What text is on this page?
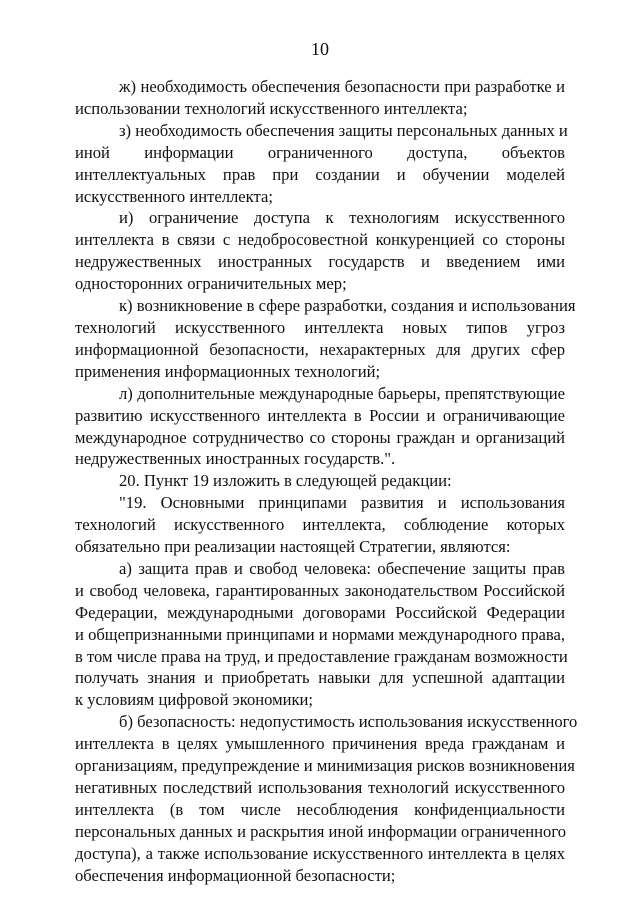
10

ж) необходимость обеспечения безопасности при разработке и
использовании технологий искусственного интеллекта;

з) необходимость обеспечения защиты персональных данных и
иной информации ограниченного доступа, объектов
интеллектуальных прав при создании и обучении моделей
искусственного интеллекта;

и) ограничение доступа к технологиям искусственного
интеллекта в связи с недобросовестной конкуренцией со стороны
недружественных иностранных государств и введением ими
односторонних ограничительных мер;

к) возникновение в сфере разработки, создания и использования
технологий искусственного интеллекта новых типов угроз
информационной безопасности, нехарактерных для других сфер
применения информационных технологий;

л) дополнительные международные барьеры, препятствующие
развитию искусственного интеллекта в России и ограничивающие
международное сотрудничество со стороны граждан и организаций
недружественных иностранных государств.".

20. Пункт 19 изложить в следующей редакции:

"19. Основными принципами развития и использования
технологий искусственного интеллекта, соблюдение которых
обязательно при реализации настоящей Стратегии, являются:

а) защита прав и свобод человека: обеспечение защиты прав
и свобод человека, гарантированных законодательством Российской
Федерации, международными договорами Российской Федерации
и общепризнанными принципами и нормами международного права,
в том числе права на труд, и предоставление гражданам возможности
получать знания и приобретать навыки для успешной адаптации
к условиям цифровой экономики;

б) безопасность: недопустимость использования искусственного
интеллекта в целях умышленного причинения вреда гражданам и
организациям, предупреждение и минимизация рисков возникновения
негативных последствий использования технологий искусственного
интеллекта (в том числе несоблюдения конфиденциальности
персональных данных и раскрытия иной информации ограниченного
доступа), а также использование искусственного интеллекта в целях
обеспечения информационной безопасности;
